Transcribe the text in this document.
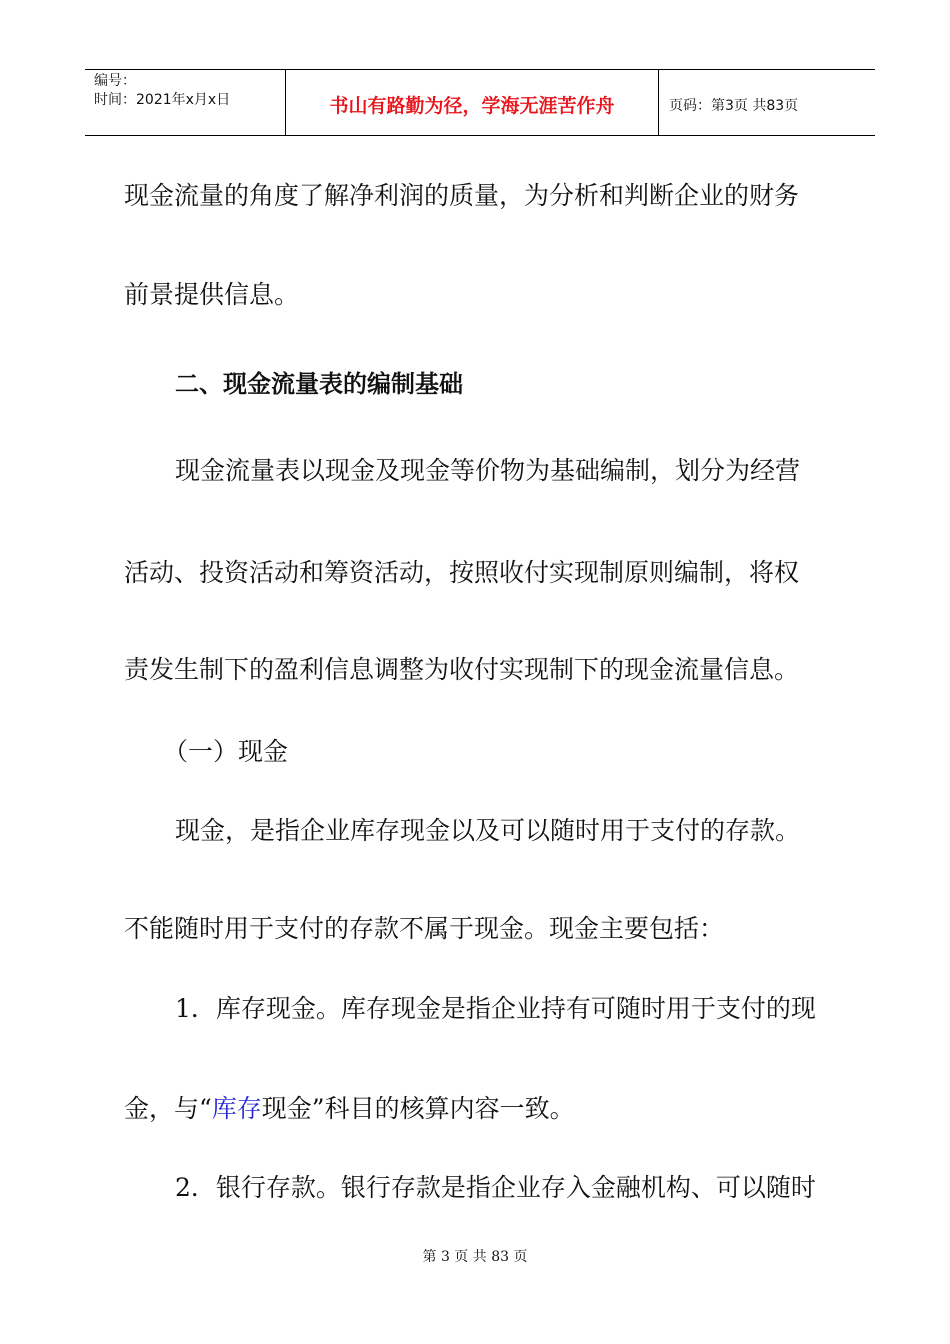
编号：
时间：2021年x月x日	书山有路勤为径，学海无涯苦作舟	页码：第3页 共83页
现金流量的角度了解净利润的质量，为分析和判断企业的财务
前景提供信息。
二、现金流量表的编制基础
现金流量表以现金及现金等价物为基础编制，划分为经营
活动、投资活动和筹资活动，按照收付实现制原则编制，将权
责发生制下的盈利信息调整为收付实现制下的现金流量信息。
（一）现金
现金，是指企业库存现金以及可以随时用于支付的存款。
不能随时用于支付的存款不属于现金。现金主要包括：
1．库存现金。库存现金是指企业持有可随时用于支付的现
金，与“库存现金”科目的核算内容一致。
2．银行存款。银行存款是指企业存入金融机构、可以随时
第 3 页 共 83 页
